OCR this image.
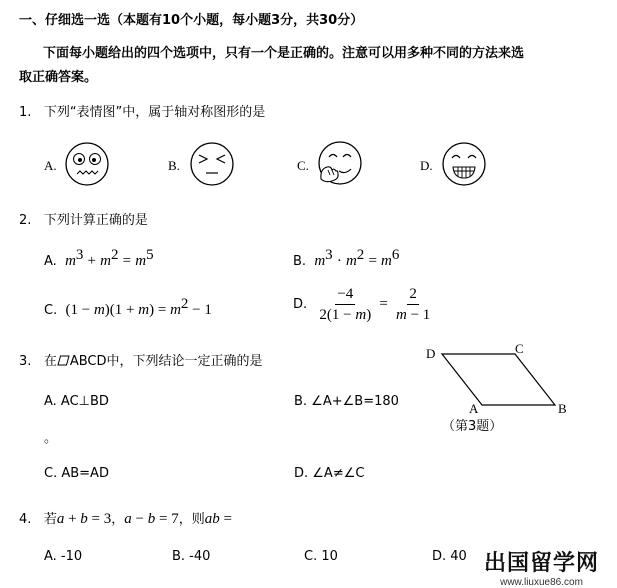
一、仔细选一选（本题有10个小题，每小题3分，共30分）
下面每小题给出的四个选项中，只有一个是正确的。注意可以用多种不同的方法来选
取正确答案。
1. 下列“表情图”中，属于轴对称图形的是
A.	B.	C.	D.
2. 下列计算正确的是
A. $m^3 + m^2 = m^5$	B. $m^3 \cdot m^2 = m^6$
C. $(1 - m)(1 + m) = m^2 - 1$	D. $\frac{-4}{2(1 - m)} = \frac{2}{m - 1}$
3. 在 ABCD中，下列结论一定正确的是
A. AC⊥BD	B. ∠A+∠B=180
。
C. AB=AD	D. ∠A≠∠C
D	C
A	B
（第3题）
4. 若a + b = 3，a − b = 7，则ab =
A. -10	B. -40	C. 10	D. 40 出国留学网
www.liuxue86.com
